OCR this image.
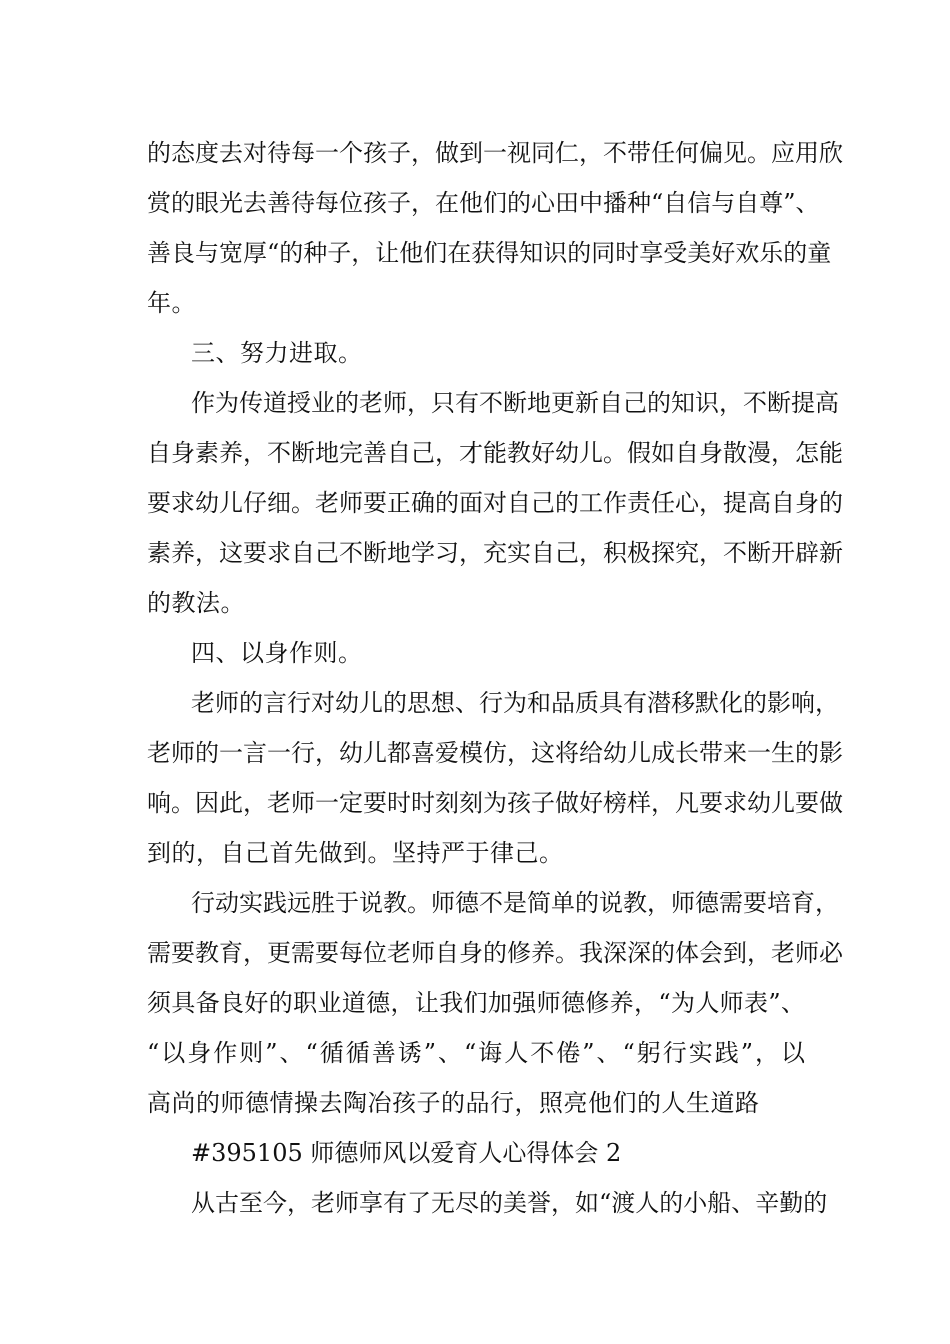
的态度去对待每一个孩子，做到一视同仁，不带任何偏见。应用欣
赏的眼光去善待每位孩子，在他们的心田中播种“自信与自尊”、
善良与宽厚“的种子，让他们在获得知识的同时享受美好欢乐的童
年。
三、努力进取。
作为传道授业的老师，只有不断地更新自己的知识，不断提高
自身素养，不断地完善自己，才能教好幼儿。假如自身散漫，怎能
要求幼儿仔细。老师要正确的面对自己的工作责任心，提高自身的
素养，这要求自己不断地学习，充实自己，积极探究，不断开辟新
的教法。
四、以身作则。
老师的言行对幼儿的思想、行为和品质具有潜移默化的影响，
老师的一言一行，幼儿都喜爱模仿，这将给幼儿成长带来一生的影
响。因此，老师一定要时时刻刻为孩子做好榜样，凡要求幼儿要做
到的，自己首先做到。坚持严于律己。
行动实践远胜于说教。师德不是简单的说教，师德需要培育，
需要教育，更需要每位老师自身的修养。我深深的体会到，老师必
须具备良好的职业道德，让我们加强师德修养，“为人师表”、
“以身作则”、“循循善诱”、“诲人不倦”、“躬行实践”，以
高尚的师德情操去陶冶孩子的品行，照亮他们的人生道路
#395105 师德师风以爱育人心得体会 2
从古至今，老师享有了无尽的美誉，如“渡人的小船、辛勤的
